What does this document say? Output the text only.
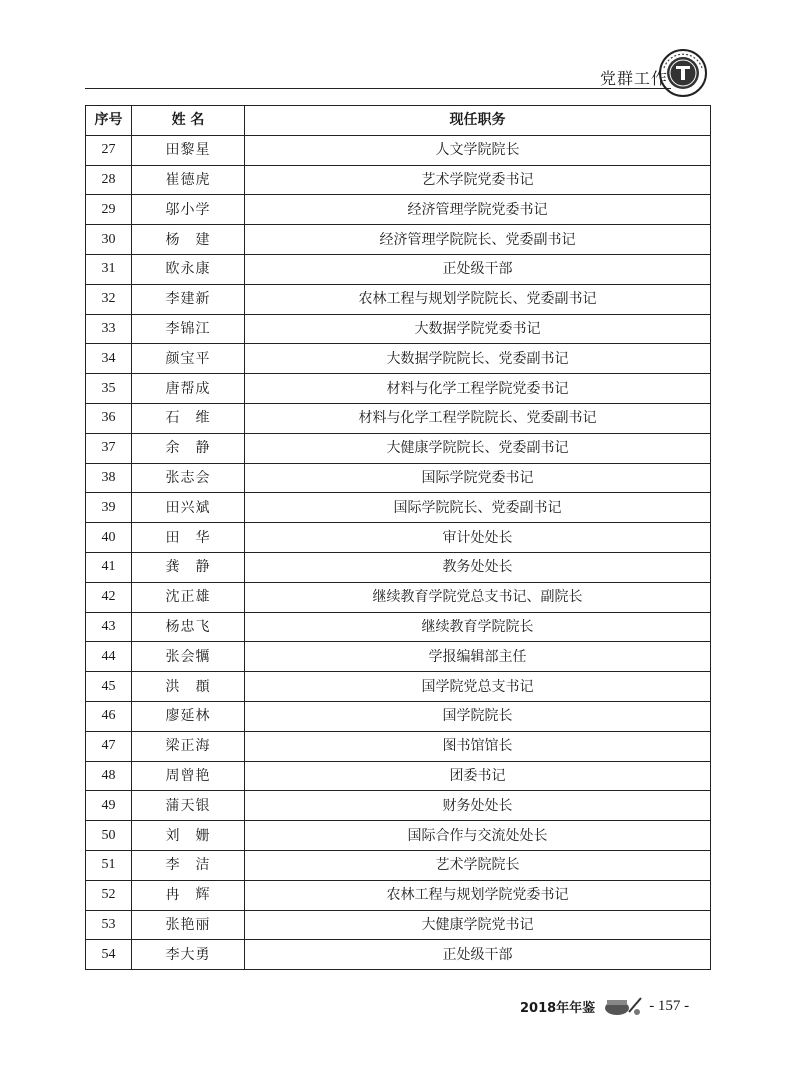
党群工作
序号	姓 名	现任职务
27	田黎星	人文学院院长
28	崔德虎	艺术学院党委书记
29	邬小学	经济管理学院党委书记
30	杨　建	经济管理学院院长、党委副书记
31	欧永康	正处级干部
32	李建新	农林工程与规划学院院长、党委副书记
33	李锦江	大数据学院党委书记
34	颜宝平	大数据学院院长、党委副书记
35	唐帮成	材料与化学工程学院党委书记
36	石　维	材料与化学工程学院院长、党委副书记
37	余　静	大健康学院院长、党委副书记
38	张志会	国际学院党委书记
39	田兴斌	国际学院院长、党委副书记
40	田　华	审计处处长
41	龚　静	教务处处长
42	沈正雄	继续教育学院党总支书记、副院长
43	杨忠飞	继续教育学院院长
44	张会犡	学报编辑部主任
45	洪　頵	国学院党总支书记
46	廖延林	国学院院长
47	梁正海	图书馆馆长
48	周曾艳	团委书记
49	蒲天银	财务处处长
50	刘　姗	国际合作与交流处处长
51	李　洁	艺术学院院长
52	冉　辉	农林工程与规划学院党委书记
53	张艳丽	大健康学院党书记
54	李大勇	正处级干部
2018年年鉴	- 157 -
